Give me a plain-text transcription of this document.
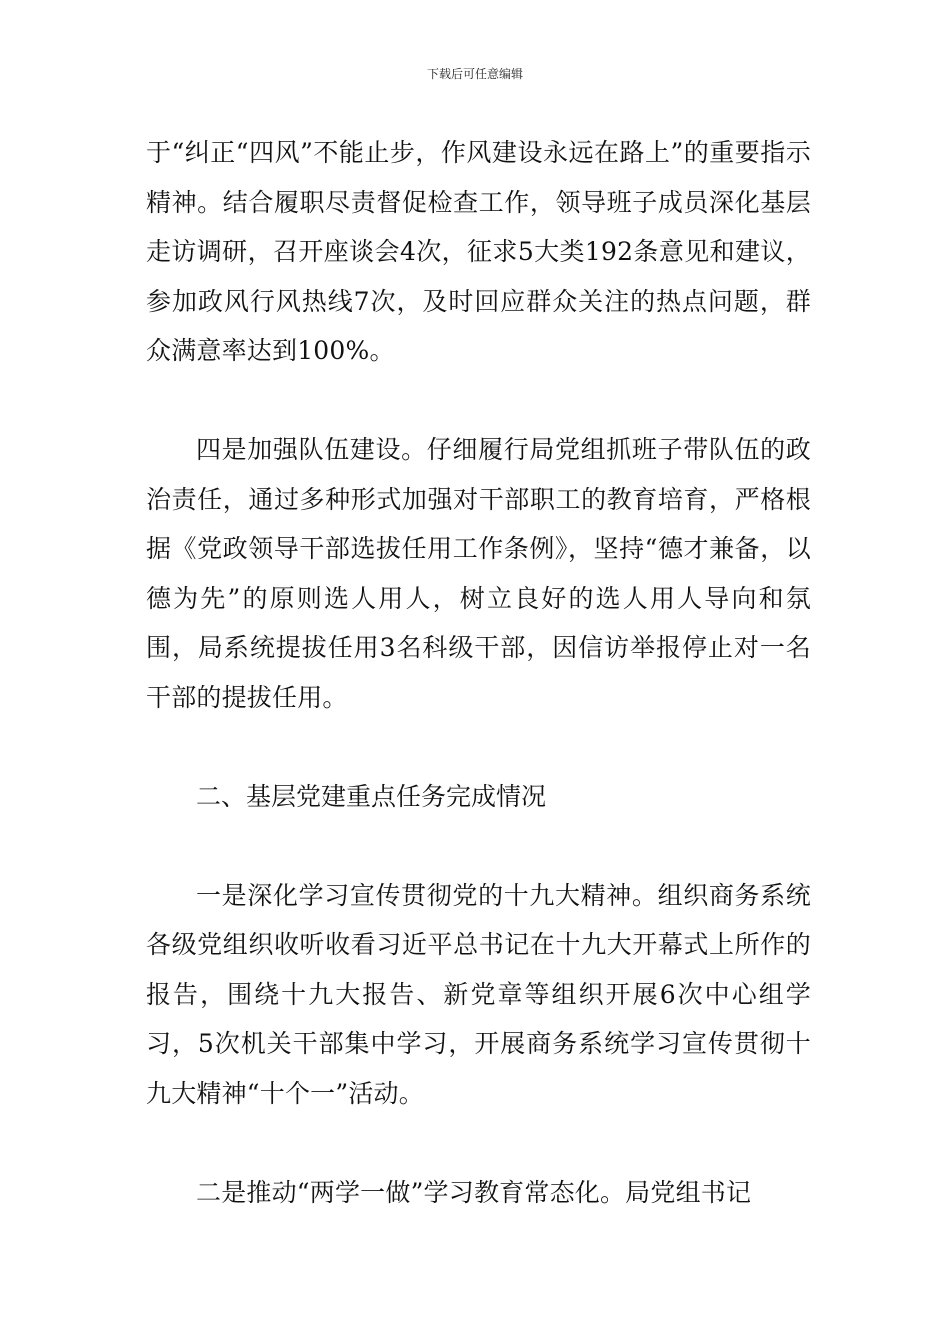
下载后可任意编辑

于“纠正“四风”不能止步，作风建设永远在路上”的重要指示精神。结合履职尽责督促检查工作，领导班子成员深化基层走访调研，召开座谈会4次，征求5大类192条意见和建议，参加政风行风热线7次，及时回应群众关注的热点问题，群众满意率达到100%。

四是加强队伍建设。仔细履行局党组抓班子带队伍的政治责任，通过多种形式加强对干部职工的教育培育，严格根据《党政领导干部选拔任用工作条例》，坚持“德才兼备，以德为先”的原则选人用人，树立良好的选人用人导向和氛围，局系统提拔任用3名科级干部，因信访举报停止对一名干部的提拔任用。

二、基层党建重点任务完成情况

一是深化学习宣传贯彻党的十九大精神。组织商务系统各级党组织收听收看习近平总书记在十九大开幕式上所作的报告，围绕十九大报告、新党章等组织开展6次中心组学习，5次机关干部集中学习，开展商务系统学习宣传贯彻十九大精神“十个一”活动。

二是推动“两学一做”学习教育常态化。局党组书记
